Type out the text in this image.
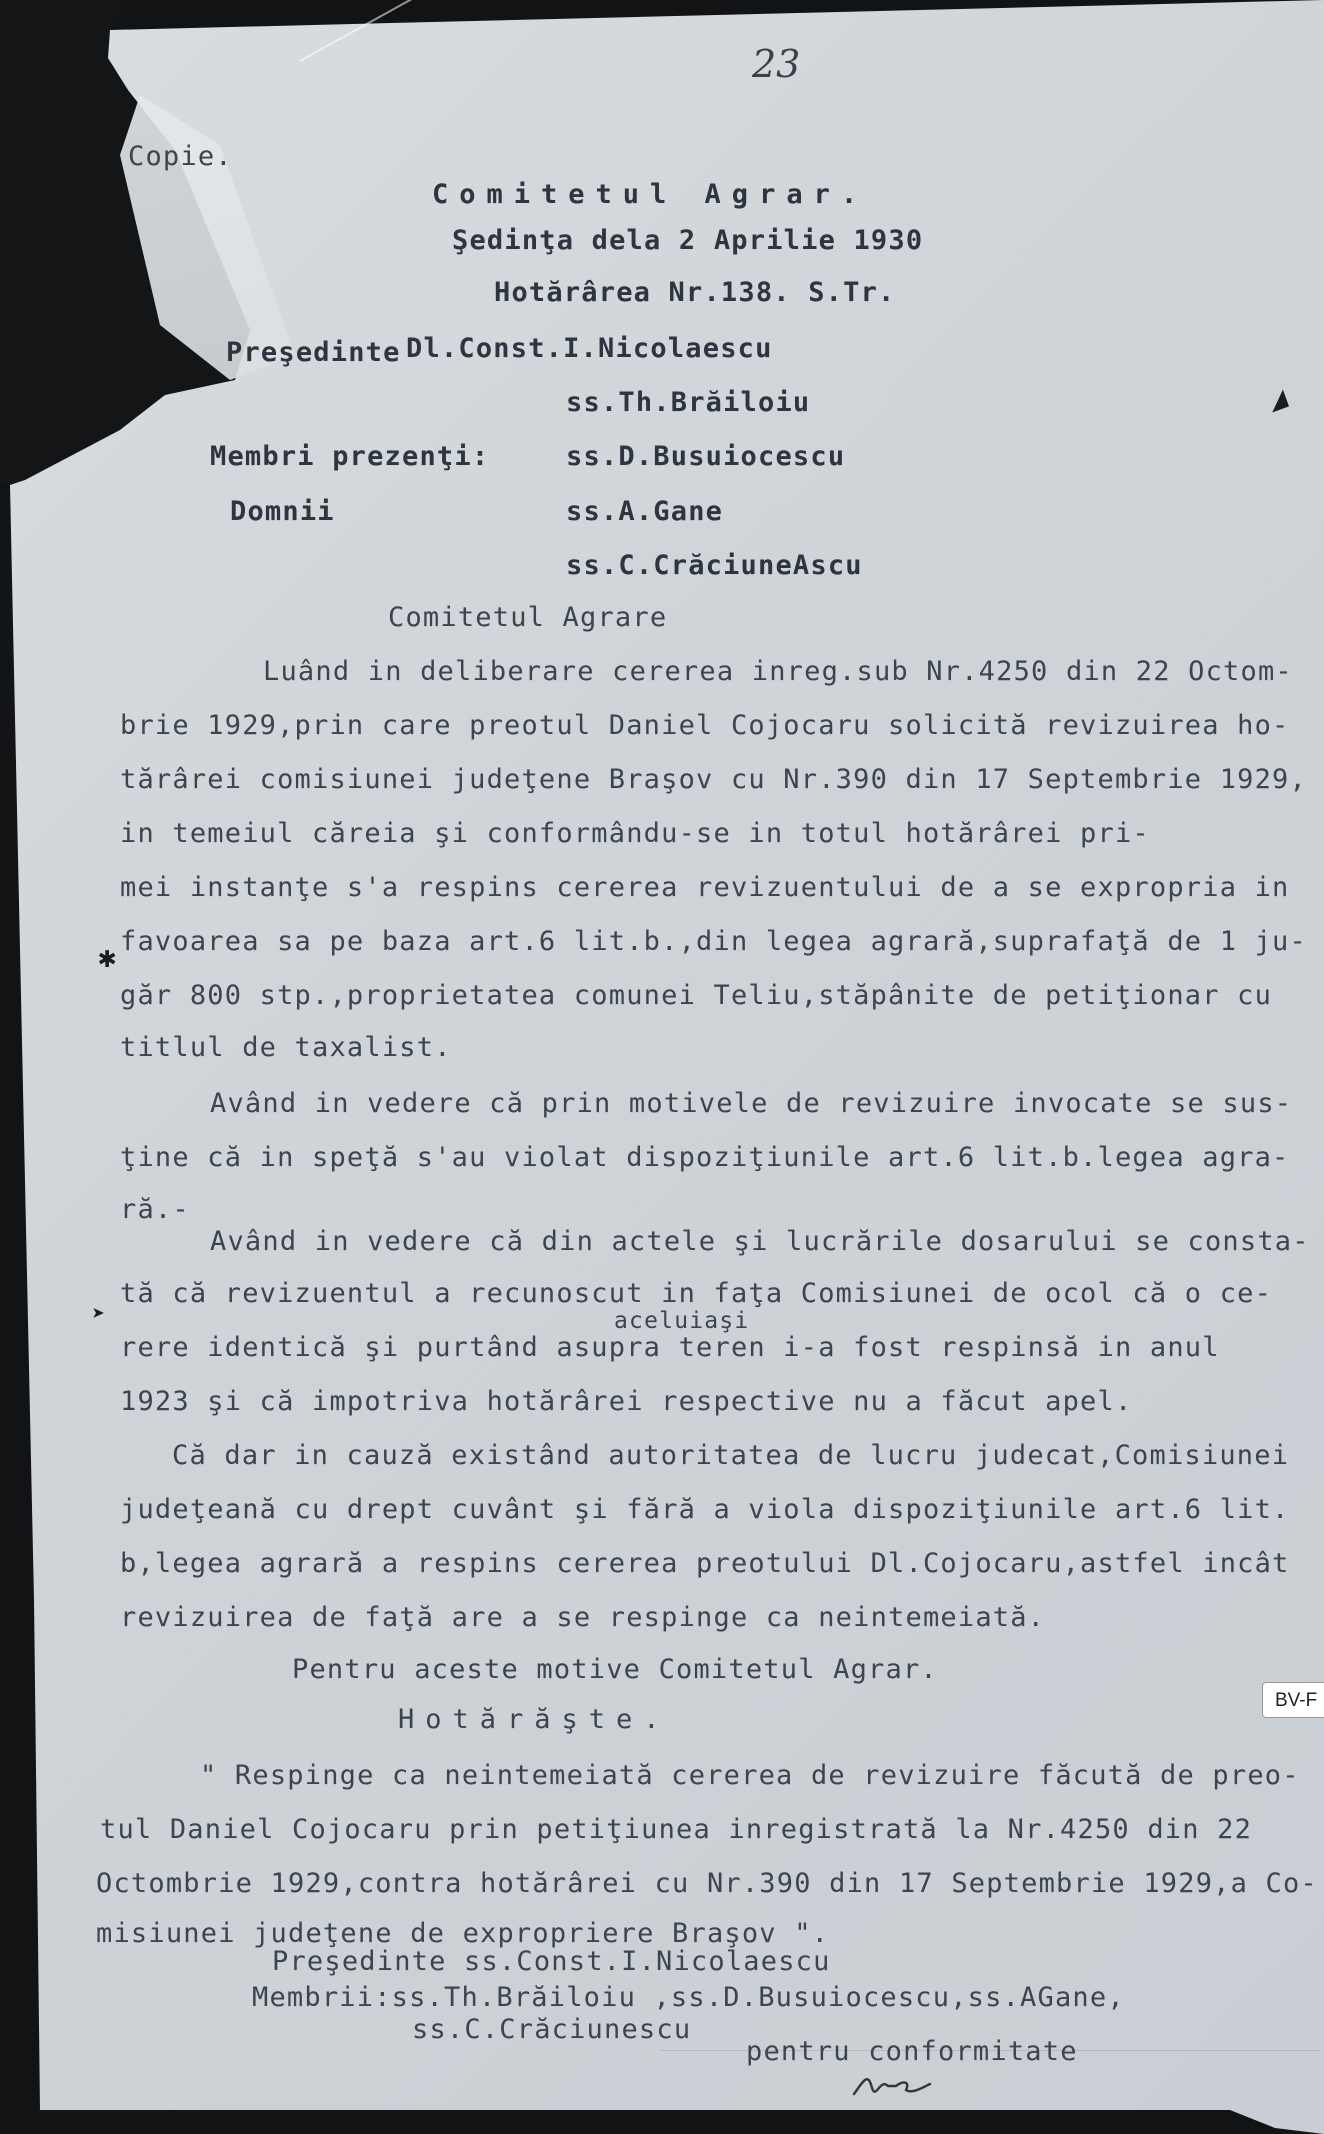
23

Copie.

Comitetul Agrar.

Şedinţa dela 2 Aprilie 1930

Hotărârea Nr.138. S.Tr.

Preşedinte Dl.Const.I.Nicolaescu

ss.Th.Brăiloiu

Membri prezenţi:	ss.D.Busuiocescu

Domnii	ss.A.Gane

ss.C.CrăciuneAscu

Comitetul Agrare

Luând in deliberare cererea inreg.sub Nr.4250 din 22 Octom-

brie 1929,prin care preotul Daniel Cojocaru solicită revizuirea ho-

tărârei comisiunei judeţene Braşov cu Nr.390 din 17 Septembrie 1929,

in temeiul căreia şi conformându-se in totul hotărârei pri-

mei instanţe s'a respins cererea revizuentului de a se expropria in

favoarea sa pe baza art.6 lit.b.,din legea agrară,suprafaţă de 1 ju-

găr 800 stp.,proprietatea comunei Teliu,stăpânite de petiţionar cu

titlul de taxalist.

Având in vedere că prin motivele de revizuire invocate se sus-

ţine că in speţă s'au violat dispoziţiunile art.6 lit.b.legea agra-

ră.-

Având in vedere că din actele şi lucrările dosarului se consta-

tă că revizuentul a recunoscut in faţa Comisiunei de ocol că o ce-

aceluiaşi

rere identică şi purtând asupra teren i-a fost respinsă in anul

1923 şi că impotriva hotărârei respective nu a făcut apel.

Că dar in cauză existând autoritatea de lucru judecat,Comisiunei

judeţeană cu drept cuvânt şi fără a viola dispoziţiunile art.6 lit.

b,legea agrară a respins cererea preotului Dl.Cojocaru,astfel incât

revizuirea de faţă are a se respinge ca neintemeiată.

Pentru aceste motive Comitetul Agrar.

Hotărăşte.

" Respinge ca neintemeiată cererea de revizuire făcută de preo-

tul Daniel Cojocaru prin petiţiunea inregistrată la Nr.4250 din 22

Octombrie 1929,contra hotărârei cu Nr.390 din 17 Septembrie 1929,a Co-

misiunei judeţene de expropriere Braşov ".

Preşedinte ss.Const.I.Nicolaescu

Membrii:ss.Th.Brăiloiu ,ss.D.Busuiocescu,ss.AGane,

ss.C.Crăciunescu

pentru conformitate

◢
✱
➤
BV-F
